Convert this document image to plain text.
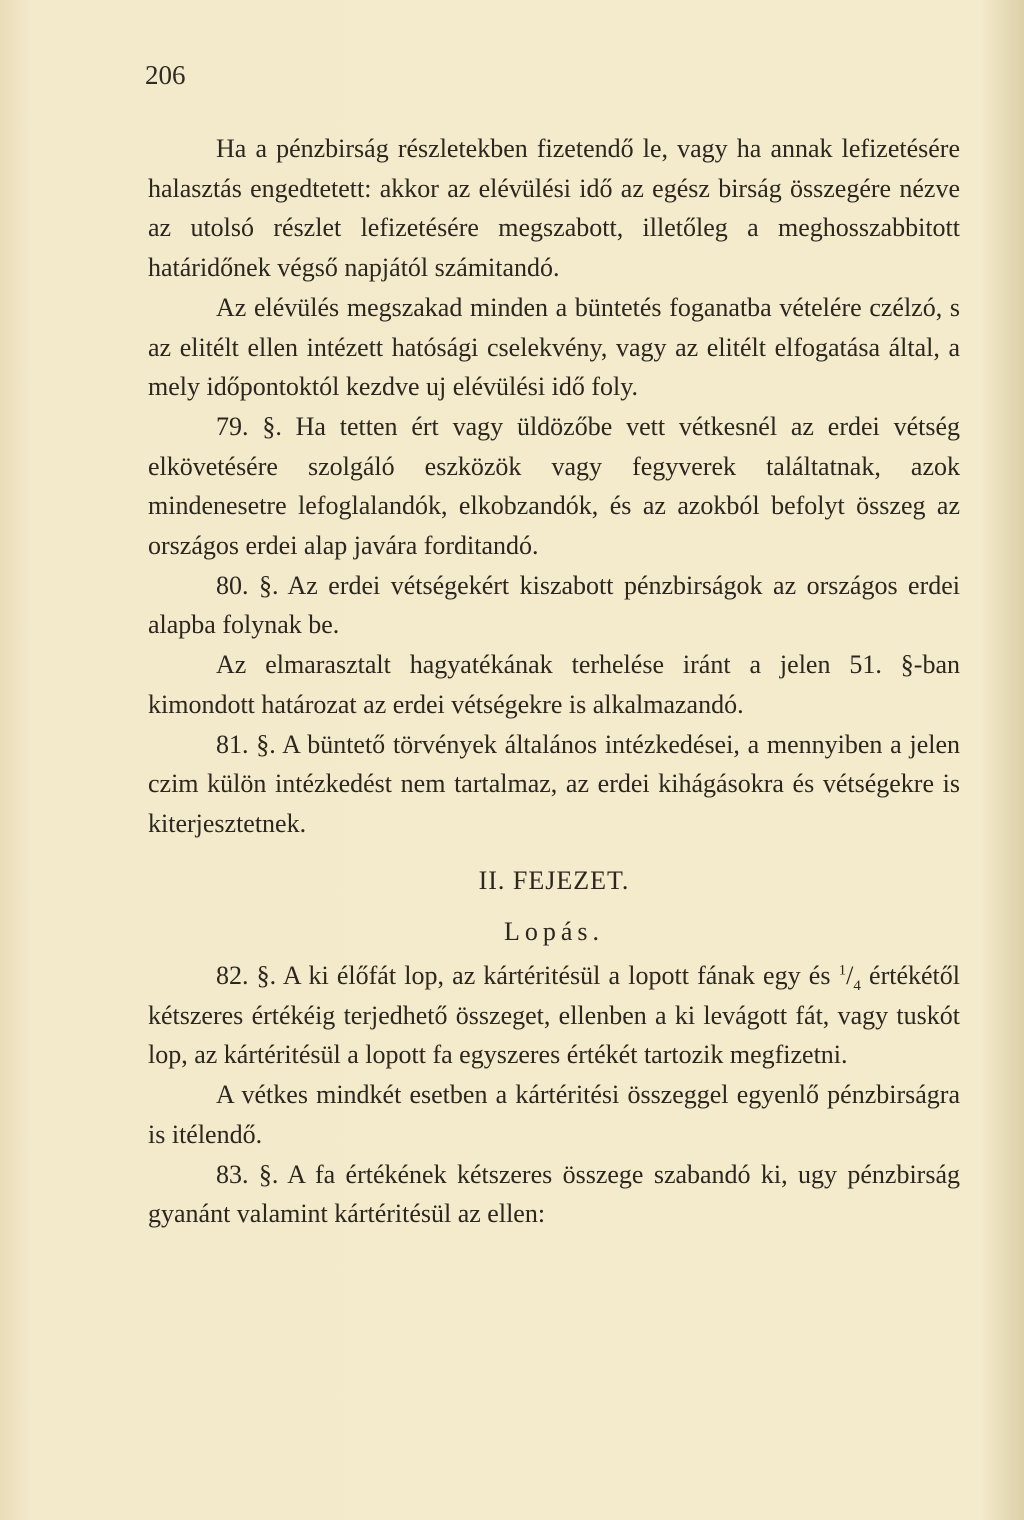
206

Ha a pénzbirság részletekben fizetendő le, vagy ha annak lefizetésére halasztás engedtetett: akkor az elévülési idő az egész birság összegére nézve az utolsó részlet lefizetésére megszabott, illetőleg a meghosszabbitott határidőnek végső napjától számitandó.

Az elévülés megszakad minden a büntetés foganatba vételére czélzó, s az elitélt ellen intézett hatósági cselekvény, vagy az elitélt elfogatása által, a mely időpontoktól kezdve uj elévülési idő foly.

79. §. Ha tetten ért vagy üldözőbe vett vétkesnél az erdei vétség elkövetésére szolgáló eszközök vagy fegyverek találtatnak, azok mindenesetre lefoglalandók, elkobzandók, és az azokból befolyt összeg az országos erdei alap javára forditandó.

80. §. Az erdei vétségekért kiszabott pénzbirságok az országos erdei alapba folynak be.

Az elmarasztalt hagyatékának terhelése iránt a jelen 51. §-ban kimondott határozat az erdei vétségekre is alkalmazandó.

81. §. A büntető törvények általános intézkedései, a mennyiben a jelen czim külön intézkedést nem tartalmaz, az erdei kihágásokra és vétségekre is kiterjesztetnek.

II. FEJEZET.

Lopás.

82. §. A ki élőfát lop, az kártéritésül a lopott fának egy és $^1/_4$ értékétől kétszeres értékéig terjedhető összeget, ellenben a ki levágott fát, vagy tuskót lop, az kártéritésül a lopott fa egyszeres értékét tartozik megfizetni.

A vétkes mindkét esetben a kártéritési összeggel egyenlő pénzbirságra is itélendő.

83. §. A fa értékének kétszeres összege szabandó ki, ugy pénzbirság gyanánt valamint kártéritésül az ellen:
